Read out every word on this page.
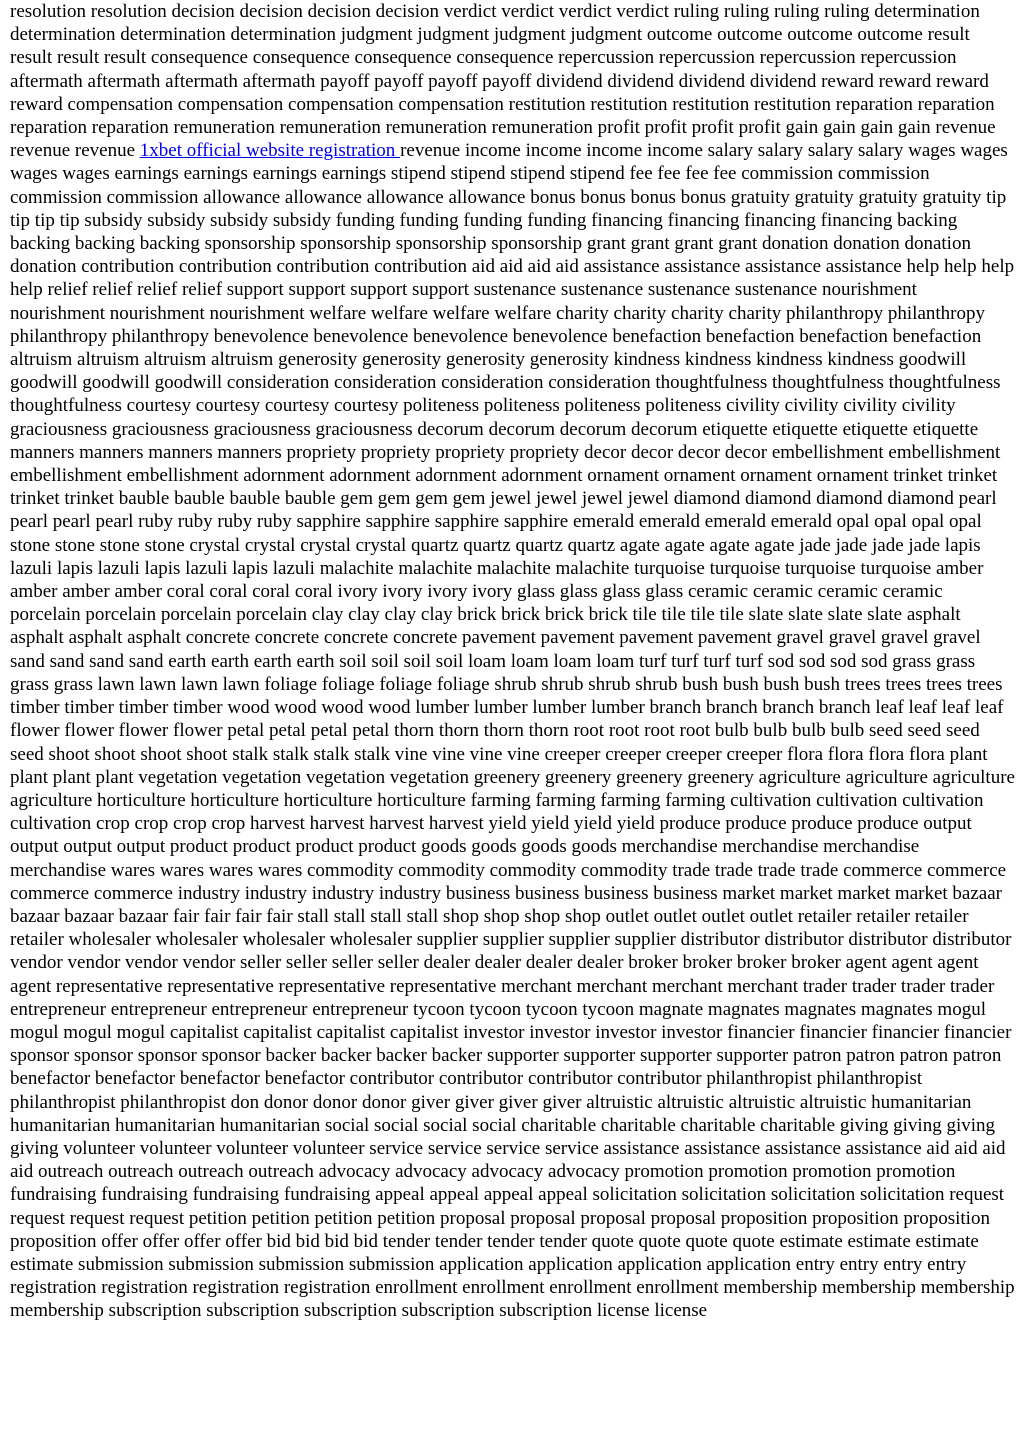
resolution resolution decision decision decision decision verdict verdict verdict verdict ruling ruling ruling ruling determination determination determination determination judgment judgment judgment judgment outcome outcome outcome outcome result result result result consequence consequence consequence consequence repercussion repercussion repercussion repercussion aftermath aftermath aftermath aftermath payoff payoff payoff payoff dividend dividend dividend dividend reward reward reward reward compensation compensation compensation compensation restitution restitution restitution restitution reparation reparation reparation reparation remuneration remuneration remuneration remuneration profit profit profit profit gain gain gain gain revenue revenue revenue 1xbet official website registration revenue income income income income salary salary salary salary wages wages wages wages earnings earnings earnings earnings stipend stipend stipend stipend fee fee fee fee commission commission commission commission allowance allowance allowance allowance bonus bonus bonus bonus gratuity gratuity gratuity gratuity tip tip tip tip subsidy subsidy subsidy subsidy funding funding funding funding financing financing financing financing backing backing backing backing sponsorship sponsorship sponsorship sponsorship grant grant grant grant donation donation donation donation contribution contribution contribution contribution aid aid aid aid assistance assistance assistance assistance help help help help relief relief relief relief support support support support sustenance sustenance sustenance sustenance nourishment nourishment nourishment nourishment welfare welfare welfare welfare charity charity charity charity philanthropy philanthropy philanthropy philanthropy benevolence benevolence benevolence benevolence benefaction benefaction benefaction benefaction altruism altruism altruism altruism generosity generosity generosity generosity kindness kindness kindness kindness goodwill goodwill goodwill goodwill consideration consideration consideration consideration thoughtfulness thoughtfulness thoughtfulness thoughtfulness courtesy courtesy courtesy courtesy politeness politeness politeness politeness civility civility civility civility graciousness graciousness graciousness graciousness decorum decorum decorum decorum etiquette etiquette etiquette etiquette manners manners manners manners propriety propriety propriety propriety decor decor decor decor embellishment embellishment embellishment embellishment adornment adornment adornment adornment ornament ornament ornament ornament trinket trinket trinket trinket bauble bauble bauble bauble gem gem gem gem jewel jewel jewel jewel diamond diamond diamond diamond pearl pearl pearl pearl ruby ruby ruby ruby sapphire sapphire sapphire sapphire emerald emerald emerald emerald opal opal opal opal stone stone stone stone crystal crystal crystal crystal quartz quartz quartz quartz agate agate agate agate jade jade jade jade lapis lazuli lapis lazuli lapis lazuli lapis lazuli malachite malachite malachite malachite turquoise turquoise turquoise turquoise amber amber amber amber coral coral coral coral ivory ivory ivory ivory glass glass glass glass ceramic ceramic ceramic ceramic porcelain porcelain porcelain porcelain clay clay clay clay brick brick brick brick tile tile tile tile slate slate slate slate asphalt asphalt asphalt asphalt concrete concrete concrete concrete pavement pavement pavement pavement gravel gravel gravel gravel sand sand sand sand earth earth earth earth soil soil soil soil loam loam loam loam turf turf turf turf sod sod sod sod grass grass grass grass lawn lawn lawn lawn foliage foliage foliage foliage shrub shrub shrub shrub bush bush bush bush trees trees trees trees timber timber timber timber wood wood wood wood lumber lumber lumber lumber branch branch branch branch leaf leaf leaf leaf flower flower flower flower petal petal petal petal thorn thorn thorn thorn root root root root bulb bulb bulb bulb seed seed seed seed shoot shoot shoot shoot stalk stalk stalk stalk vine vine vine vine creeper creeper creeper creeper flora flora flora flora plant plant plant plant vegetation vegetation vegetation vegetation greenery greenery greenery greenery agriculture agriculture agriculture agriculture horticulture horticulture horticulture horticulture farming farming farming farming cultivation cultivation cultivation cultivation crop crop crop crop harvest harvest harvest harvest yield yield yield yield produce produce produce produce output output output output product product product product goods goods goods goods merchandise merchandise merchandise merchandise wares wares wares wares commodity commodity commodity commodity trade trade trade trade commerce commerce commerce commerce industry industry industry industry business business business business market market market market bazaar bazaar bazaar bazaar fair fair fair fair stall stall stall stall shop shop shop shop outlet outlet outlet outlet retailer retailer retailer retailer wholesaler wholesaler wholesaler wholesaler supplier supplier supplier supplier distributor distributor distributor distributor vendor vendor vendor vendor seller seller seller seller dealer dealer dealer dealer broker broker broker broker agent agent agent agent representative representative representative representative merchant merchant merchant merchant trader trader trader trader entrepreneur entrepreneur entrepreneur entrepreneur tycoon tycoon tycoon tycoon magnate magnates magnates magnates mogul mogul mogul mogul capitalist capitalist capitalist capitalist investor investor investor investor financier financier financier financier sponsor sponsor sponsor sponsor backer backer backer backer supporter supporter supporter supporter patron patron patron patron benefactor benefactor benefactor benefactor contributor contributor contributor contributor philanthropist philanthropist philanthropist philanthropist don donor donor donor giver giver giver giver altruistic altruistic altruistic altruistic humanitarian humanitarian humanitarian humanitarian social social social social charitable charitable charitable charitable giving giving giving giving volunteer volunteer volunteer volunteer service service service service assistance assistance assistance assistance aid aid aid aid outreach outreach outreach outreach advocacy advocacy advocacy advocacy promotion promotion promotion promotion fundraising fundraising fundraising fundraising appeal appeal appeal appeal solicitation solicitation solicitation solicitation request request request request petition petition petition petition proposal proposal proposal proposal proposition proposition proposition proposition offer offer offer offer bid bid bid bid tender tender tender tender quote quote quote quote estimate estimate estimate estimate submission submission submission submission application application application application entry entry entry entry registration registration registration registration enrollment enrollment enrollment enrollment membership membership membership membership subscription subscription subscription subscription subscription license license
